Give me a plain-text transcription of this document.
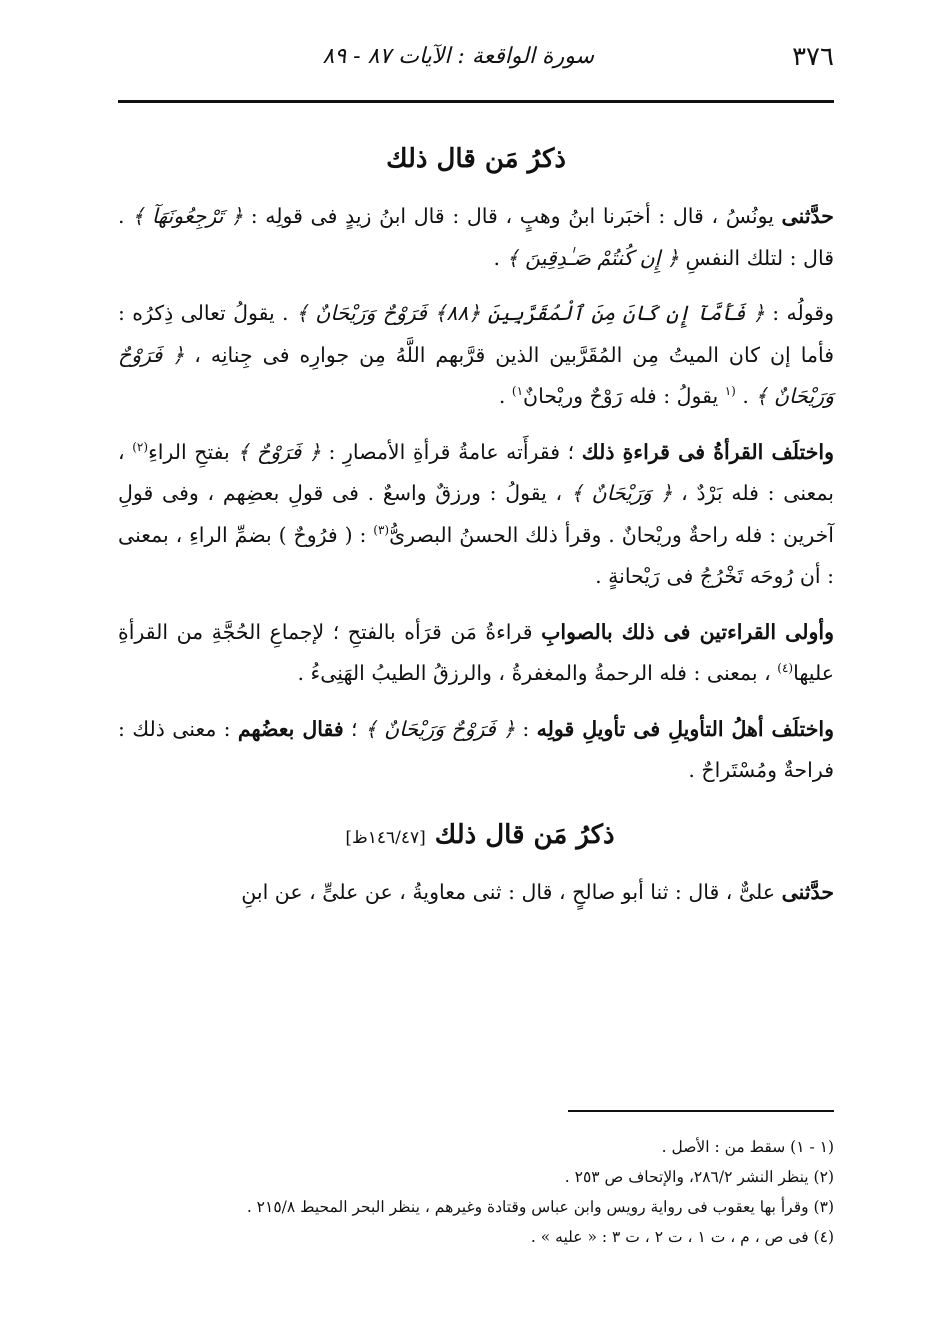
٣٧٦
سورة الواقعة : الآيات ٨٧ - ٨٩
ذكرُ مَن قال ذلك

حدَّثنى يونُسُ ، قال : أخبَرنا ابنُ وهبٍ ، قال : قال ابنُ زيدٍ فى قولِه : ﴿ تَرْجِعُونَهَآ ﴾ . قال : لتلك النفسِ ﴿ إِن كُنتُمْ صَـٰدِقِينَ ﴾ .

وقولُه : ﴿ فَأَمَّآ إِن كَانَ مِنَ ٱلْمُقَرَّبِينَ ﴿٨٨﴾ فَرَوْحٌ وَرَيْحَانٌ ﴾ . يقولُ تعالى ذِكرُه : فأما إن كان الميتُ مِن المُقَرَّبين الذين قرَّبهم اللَّهُ مِن جوارِه فى جِنانِه ، ﴿ فَرَوْحٌ وَرَيْحَانٌ ﴾ . $^{(١}$ يقولُ : فله رَوْحٌ وريْحانٌ$^{١)}$ .

واختلَف القرأةُ فى قراءةِ ذلك ؛ فقرأَته عامةُ قرأةِ الأمصارِ : ﴿ فَرَوْحٌ ﴾ بفتحِ الراءِ$^{(٢)}$ ، بمعنى : فله بَرْدٌ ، ﴿ وَرَيْحَانٌ ﴾ ، يقولُ : ورزقٌ واسعٌ . فى قولِ بعضِهم ، وفى قولِ آخرين : فله راحةٌ وريْحانٌ . وقرأ ذلك الحسنُ البصرىُّ$^{(٣)}$ : ( فرُوحٌ ) بضمِّ الراءِ ، بمعنى : أن رُوحَه تَخْرُجُ فى رَيْحانةٍ .

وأولى القراءتين فى ذلك بالصوابِ قراءةُ مَن قرَأه بالفتحِ ؛ لإجماعِ الحُجَّةِ من القرأةِ عليها$^{(٤)}$ ، بمعنى : فله الرحمةُ والمغفرةُ ، والرزقُ الطيبُ الهَنِىءُ .

واختلَف أهلُ التأويلِ فى تأويلِ قولِه : ﴿ فَرَوْحٌ وَرَيْحَانٌ ﴾ ؛ فقال بعضُهم : معنى ذلك : فراحةٌ ومُسْتَراحٌ .

ذكرُ مَن قال ذلك [١٤٦/٤٧ظ]

حدَّثنى علىٌّ ، قال : ثنا أبو صالحٍ ، قال : ثنى معاويةُ ، عن علىٍّ ، عن ابنِ

(١ - ١) سقط من : الأصل .

(٢) ينظر النشر ٢٨٦/٢، والإتحاف ص ٢٥٣ .

(٣) وقرأ بها يعقوب فى رواية رويس وابن عباس وقتادة وغيرهم ، ينظر البحر المحيط ٢١٥/٨ .

(٤) فى ص ، م ، ت ١ ، ت ٢ ، ت ٣ : « عليه » .
